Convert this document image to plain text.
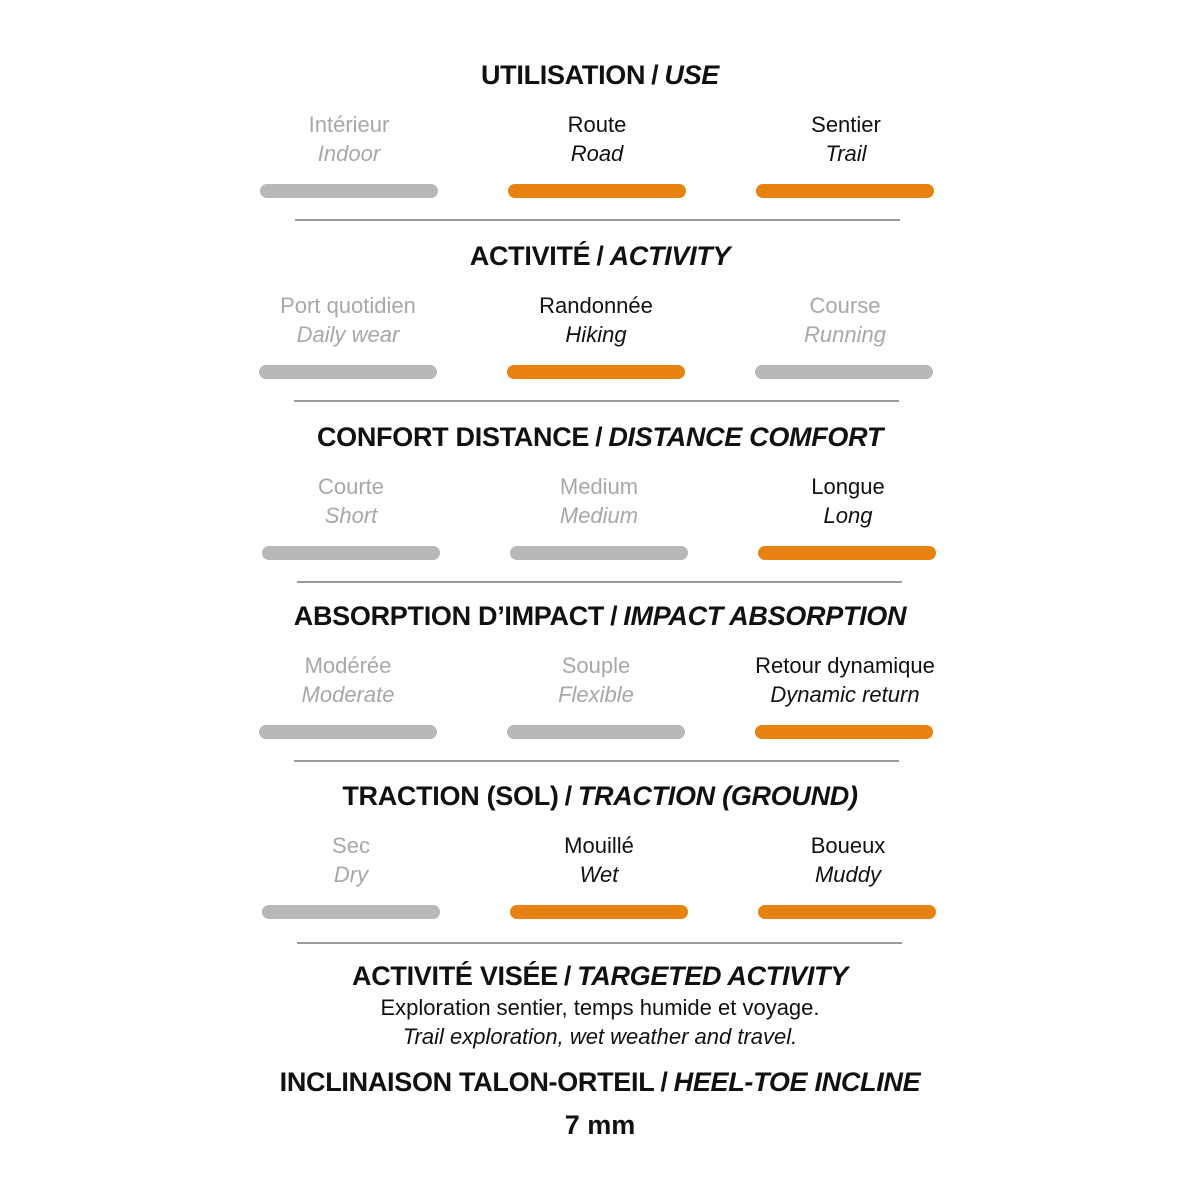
UTILISATION / USE
Intérieur
Indoor
Route
Road
Sentier
Trail
ACTIVITÉ / ACTIVITY
Port quotidien
Daily wear
Randonnée
Hiking
Course
Running
CONFORT DISTANCE / DISTANCE COMFORT
Courte
Short
Medium
Medium
Longue
Long
ABSORPTION D’IMPACT / IMPACT ABSORPTION
Modérée
Moderate
Souple
Flexible
Retour dynamique
Dynamic return
TRACTION (SOL) / TRACTION (GROUND)
Sec
Dry
Mouillé
Wet
Boueux
Muddy
ACTIVITÉ VISÉE / TARGETED ACTIVITY
Exploration sentier, temps humide et voyage.
Trail exploration, wet weather and travel.
INCLINAISON TALON-ORTEIL / HEEL-TOE INCLINE
7 mm
